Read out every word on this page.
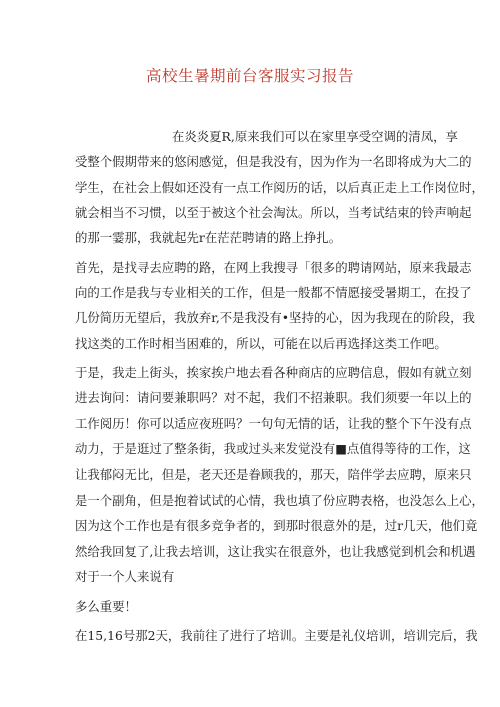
高校生暑期前台客服实习报告
在炎炎夏R,原来我们可以在家里享受空调的清凤，享
受整个假期带来的悠闲感觉，但是我没有，因为作为一名即将成为大二的
学生，在社会上假如还没有一点工作阅历的话，以后真正走上工作岗位时，
就会相当不习惯，以至于被这个社会淘汰。所以，当考试结束的铃声响起
的那一霎那，我就起先r在茫茫聘请的路上挣扎。
首先，是找寻去应聘的路，在网上我搜寻「很多的聘请网站，原来我最志
向的工作是我与专业相关的工作，但是一般都不情愿接受暑期工，在投了
几份简历无望后，我放弃r,不是我没有•坚持的心，因为我现在的阶段，我
找这类的工作时相当困难的，所以，可能在以后再选择这类工作吧。
于是，我走上街头，挨家挨户地去看各种商店的应聘信息，假如有就立刻
进去询问：请问要兼职吗？对不起，我们不招兼职。我们须要一年以上的
工作阅历！你可以适应夜班吗？一句句无情的话，让我的整个下午没有点
动力，于是逛过了整条街，我或过头来发觉没有■点值得等待的工作，这
让我郁闷无比，但是，老天还是眷顾我的，那天，陪伴学去应聘，原来只
是一个副角，但是抱着试试的心情，我也填了份应聘表格，也没怎么上心，
因为这个工作也是有很多竞争者的，到那时很意外的是，过r几天，他们竟
然给我回复了,让我去培训，这让我实在很意外，也让我感觉到机会和机遇
对于一个人来说有
多么重要！
在15,16号那2天，我前往了进行了培训。主要是礼仪培训，培训完后，我
